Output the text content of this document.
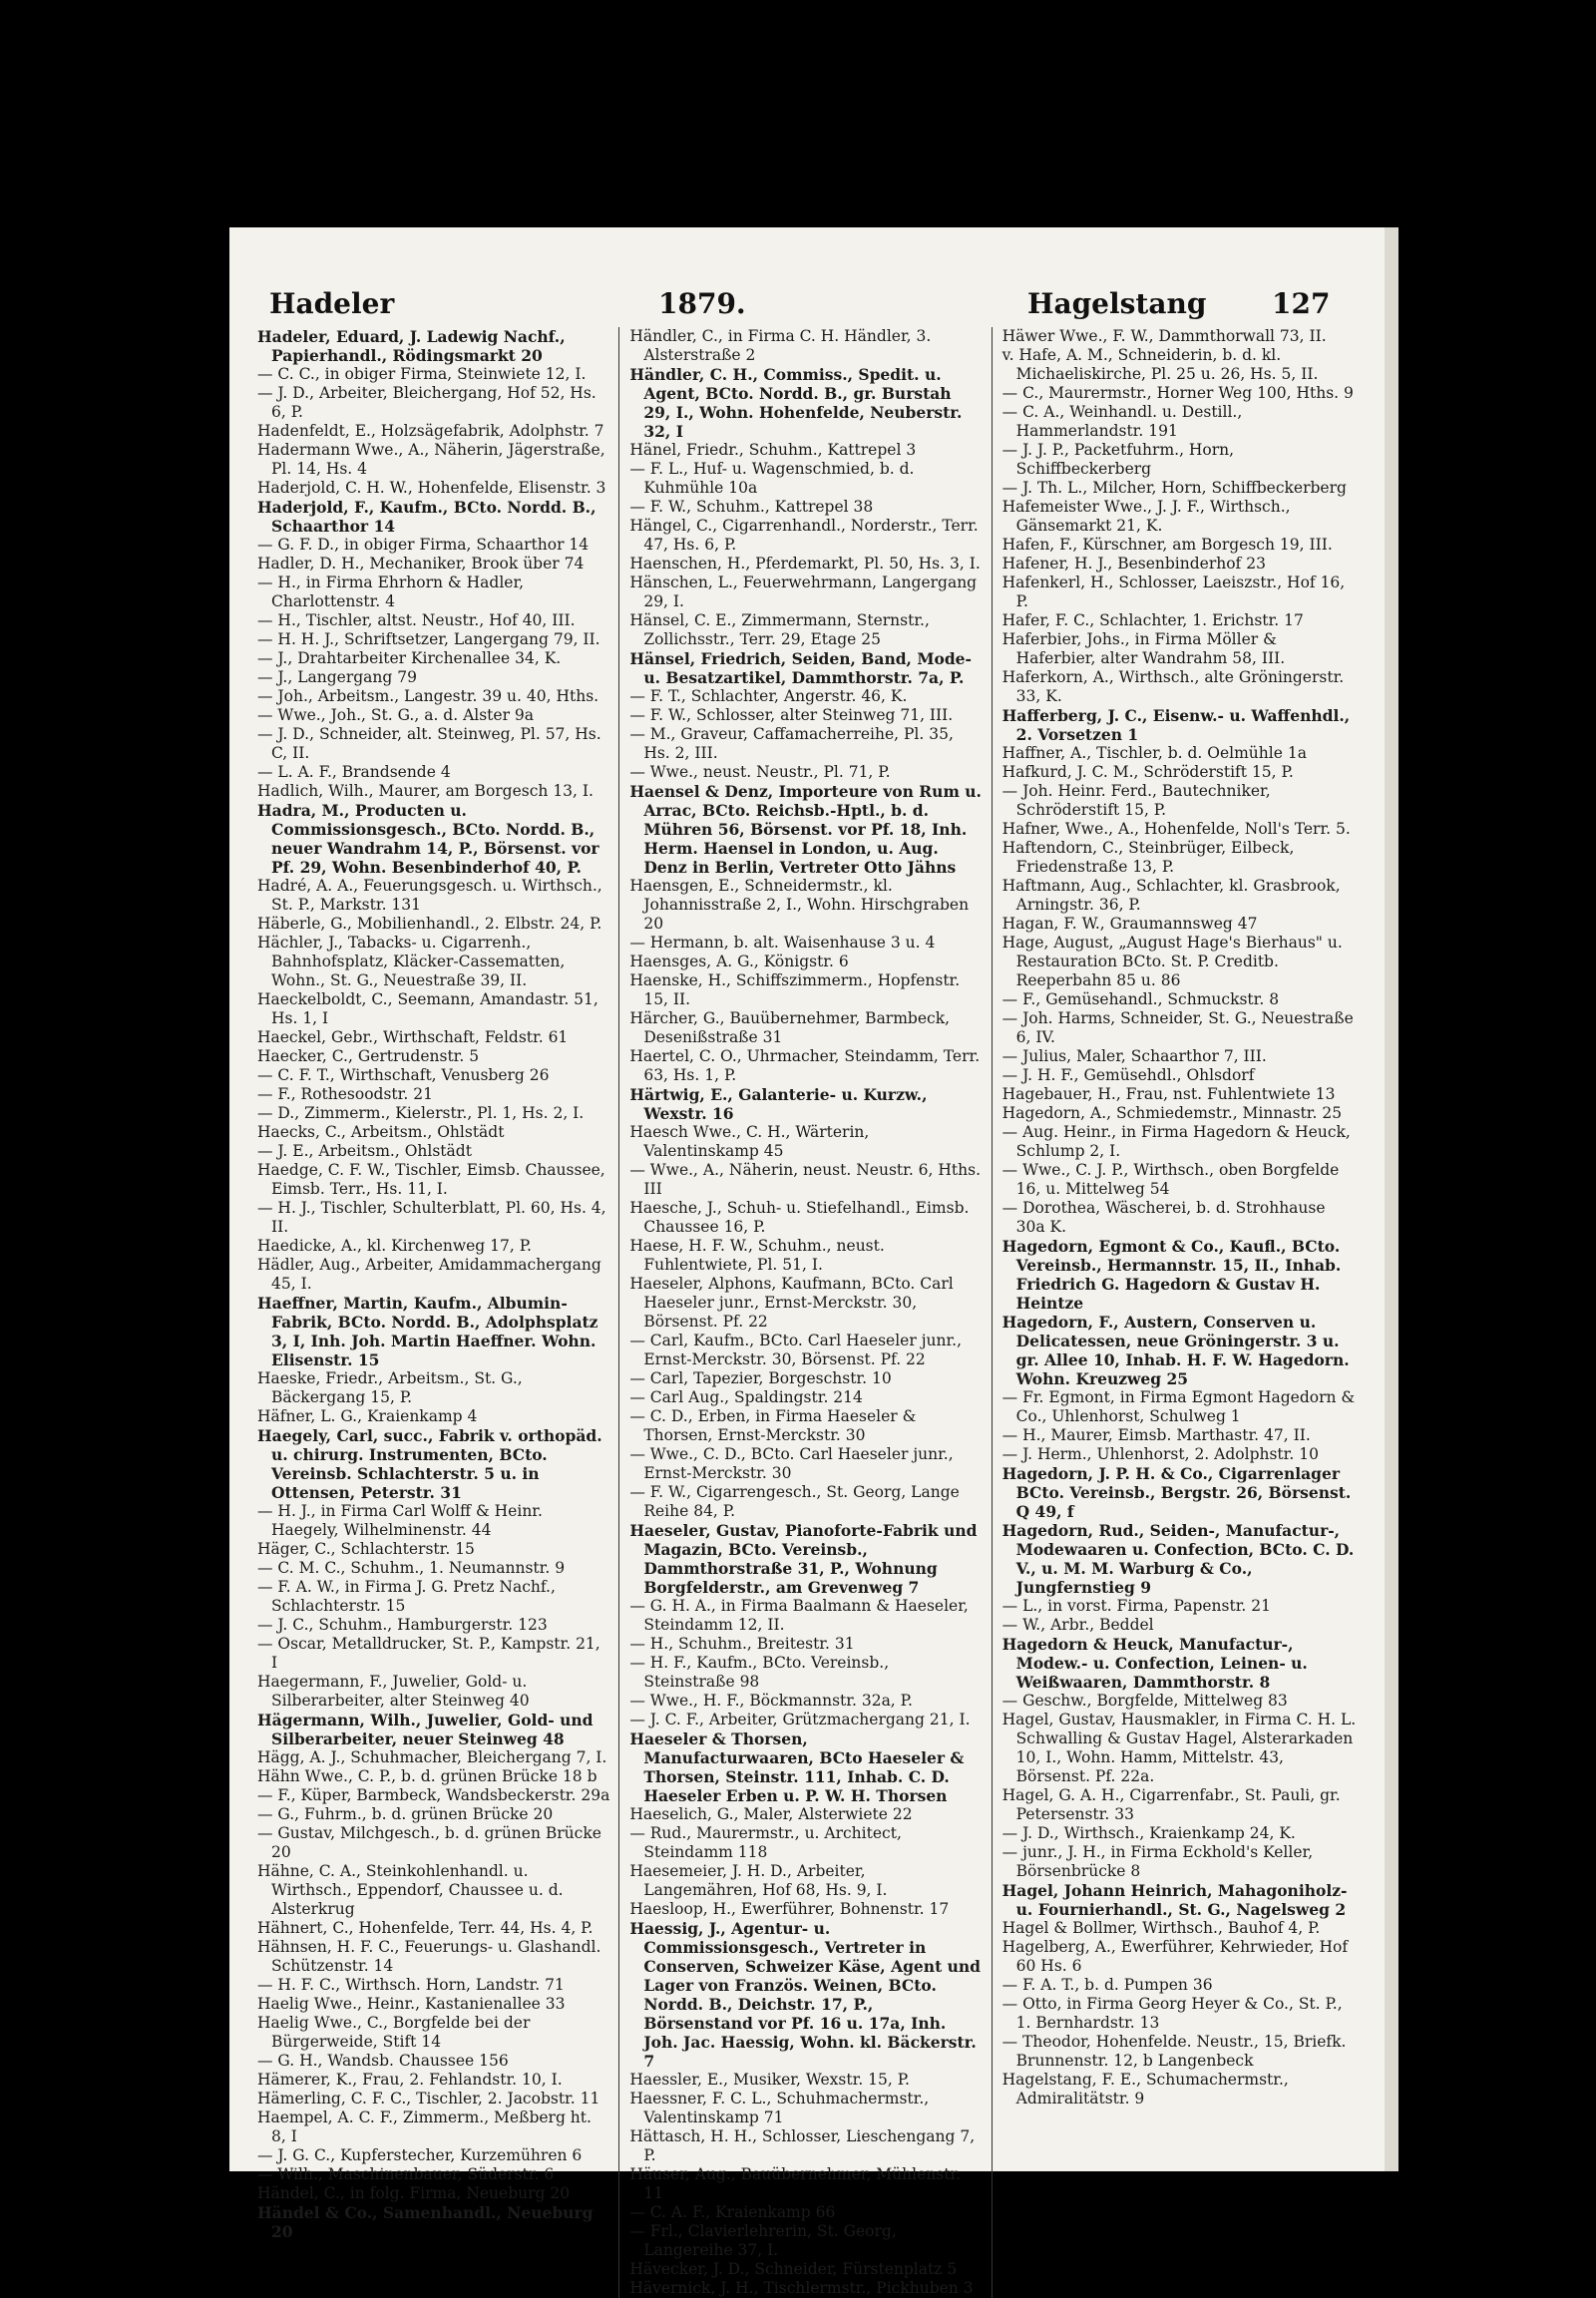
Hadeler	1879.	Hagelstang 127

Hadeler, Eduard, J. Ladewig Nachf., Papierhandl., Rödingsmarkt 20

— C. C., in obiger Firma, Steinwiete 12, I.

— J. D., Arbeiter, Bleichergang, Hof 52, Hs. 6, P.

Hadenfeldt, E., Holzsägefabrik, Adolphstr. 7

Hadermann Wwe., A., Näherin, Jägerstraße, Pl. 14, Hs. 4

Haderjold, C. H. W., Hohenfelde, Elisenstr. 3

Haderjold, F., Kaufm., BCto. Nordd. B., Schaarthor 14

— G. F. D., in obiger Firma, Schaarthor 14

Hadler, D. H., Mechaniker, Brook über 74

— H., in Firma Ehrhorn & Hadler, Charlottenstr. 4

— H., Tischler, altst. Neustr., Hof 40, III.

— H. H. J., Schriftsetzer, Langergang 79, II.

— J., Drahtarbeiter Kirchenallee 34, K.

— J., Langergang 79

— Joh., Arbeitsm., Langestr. 39 u. 40, Hths.

— Wwe., Joh., St. G., a. d. Alster 9a

— J. D., Schneider, alt. Steinweg, Pl. 57, Hs. C, II.

— L. A. F., Brandsende 4

Hadlich, Wilh., Maurer, am Borgesch 13, I.

Hadra, M., Producten u. Commissionsgesch., BCto. Nordd. B., neuer Wandrahm 14, P., Börsenst. vor Pf. 29, Wohn. Besenbinderhof 40, P.

Hadré, A. A., Feuerungsgesch. u. Wirthsch., St. P., Markstr. 131

Häberle, G., Mobilienhandl., 2. Elbstr. 24, P.

Hächler, J., Tabacks- u. Cigarrenh., Bahnhofsplatz, Kläcker-Cassematten, Wohn., St. G., Neuestraße 39, II.

Haeckelboldt, C., Seemann, Amandastr. 51, Hs. 1, I

Haeckel, Gebr., Wirthschaft, Feldstr. 61

Haecker, C., Gertrudenstr. 5

— C. F. T., Wirthschaft, Venusberg 26

— F., Rothesoodstr. 21

— D., Zimmerm., Kielerstr., Pl. 1, Hs. 2, I.

Haecks, C., Arbeitsm., Ohlstädt

— J. E., Arbeitsm., Ohlstädt

Haedge, C. F. W., Tischler, Eimsb. Chaussee, Eimsb. Terr., Hs. 11, I.

— H. J., Tischler, Schulterblatt, Pl. 60, Hs. 4, II.

Haedicke, A., kl. Kirchenweg 17, P.

Hädler, Aug., Arbeiter, Amidammachergang 45, I.

Haeffner, Martin, Kaufm., Albumin-Fabrik, BCto. Nordd. B., Adolphsplatz 3, I, Inh. Joh. Martin Haeffner. Wohn. Elisenstr. 15

Haeske, Friedr., Arbeitsm., St. G., Bäckergang 15, P.

Häfner, L. G., Kraienkamp 4

Haegely, Carl, succ., Fabrik v. orthopäd. u. chirurg. Instrumenten, BCto. Vereinsb. Schlachterstr. 5 u. in Ottensen, Peterstr. 31

— H. J., in Firma Carl Wolff & Heinr. Haegely, Wilhelminenstr. 44

Häger, C., Schlachterstr. 15

— C. M. C., Schuhm., 1. Neumannstr. 9

— F. A. W., in Firma J. G. Pretz Nachf., Schlachterstr. 15

— J. C., Schuhm., Hamburgerstr. 123

— Oscar, Metalldrucker, St. P., Kampstr. 21, I

Haegermann, F., Juwelier, Gold- u. Silberarbeiter, alter Steinweg 40

Hägermann, Wilh., Juwelier, Gold- und Silberarbeiter, neuer Steinweg 48

Hägg, A. J., Schuhmacher, Bleichergang 7, I.

Hähn Wwe., C. P., b. d. grünen Brücke 18 b

— F., Küper, Barmbeck, Wandsbeckerstr. 29a

— G., Fuhrm., b. d. grünen Brücke 20

— Gustav, Milchgesch., b. d. grünen Brücke 20

Hähne, C. A., Steinkohlenhandl. u. Wirthsch., Eppendorf, Chaussee u. d. Alsterkrug

Hähnert, C., Hohenfelde, Terr. 44, Hs. 4, P.

Hähnsen, H. F. C., Feuerungs- u. Glashandl. Schützenstr. 14

— H. F. C., Wirthsch. Horn, Landstr. 71

Haelig Wwe., Heinr., Kastanienallee 33

Haelig Wwe., C., Borgfelde bei der Bürgerweide, Stift 14

— G. H., Wandsb. Chaussee 156

Hämerer, K., Frau, 2. Fehlandstr. 10, I.

Hämerling, C. F. C., Tischler, 2. Jacobstr. 11

Haempel, A. C. F., Zimmerm., Meßberg ht. 8, I

— J. G. C., Kupferstecher, Kurzemühren 6

— Wilh., Maschinenbauer, Süderstr. 6

Händel, C., in folg. Firma, Neueburg 20

Händel & Co., Samenhandl., Neueburg 20

Händler, C., in Firma C. H. Händler, 3. Alsterstraße 2

Händler, C. H., Commiss., Spedit. u. Agent, BCto. Nordd. B., gr. Burstah 29, I., Wohn. Hohenfelde, Neuberstr. 32, I

Hänel, Friedr., Schuhm., Kattrepel 3

— F. L., Huf- u. Wagenschmied, b. d. Kuhmühle 10a

— F. W., Schuhm., Kattrepel 38

Hängel, C., Cigarrenhandl., Norderstr., Terr. 47, Hs. 6, P.

Haenschen, H., Pferdemarkt, Pl. 50, Hs. 3, I.

Hänschen, L., Feuerwehrmann, Langergang 29, I.

Hänsel, C. E., Zimmermann, Sternstr., Zollichsstr., Terr. 29, Etage 25

Hänsel, Friedrich, Seiden, Band, Mode- u. Besatzartikel, Dammthorstr. 7a, P.

— F. T., Schlachter, Angerstr. 46, K.

— F. W., Schlosser, alter Steinweg 71, III.

— M., Graveur, Caffamacherreihe, Pl. 35, Hs. 2, III.

— Wwe., neust. Neustr., Pl. 71, P.

Haensel & Denz, Importeure von Rum u. Arrac, BCto. Reichsb.-Hptl., b. d. Mühren 56, Börsenst. vor Pf. 18, Inh. Herm. Haensel in London, u. Aug. Denz in Berlin, Vertreter Otto Jähns

Haensgen, E., Schneidermstr., kl. Johannisstraße 2, I., Wohn. Hirschgraben 20

— Hermann, b. alt. Waisenhause 3 u. 4

Haensges, A. G., Königstr. 6

Haenske, H., Schiffszimmerm., Hopfenstr. 15, II.

Härcher, G., Bauübernehmer, Barmbeck, Desenißstraße 31

Haertel, C. O., Uhrmacher, Steindamm, Terr. 63, Hs. 1, P.

Härtwig, E., Galanterie- u. Kurzw., Wexstr. 16

Haesch Wwe., C. H., Wärterin, Valentinskamp 45

— Wwe., A., Näherin, neust. Neustr. 6, Hths. III

Haesche, J., Schuh- u. Stiefelhandl., Eimsb. Chaussee 16, P.

Haese, H. F. W., Schuhm., neust. Fuhlentwiete, Pl. 51, I.

Haeseler, Alphons, Kaufmann, BCto. Carl Haeseler junr., Ernst-Merckstr. 30, Börsenst. Pf. 22

— Carl, Kaufm., BCto. Carl Haeseler junr., Ernst-Merckstr. 30, Börsenst. Pf. 22

— Carl, Tapezier, Borgeschstr. 10

— Carl Aug., Spaldingstr. 214

— C. D., Erben, in Firma Haeseler & Thorsen, Ernst-Merckstr. 30

— Wwe., C. D., BCto. Carl Haeseler junr., Ernst-Merckstr. 30

— F. W., Cigarrengesch., St. Georg, Lange Reihe 84, P.

Haeseler, Gustav, Pianoforte-Fabrik und Magazin, BCto. Vereinsb., Dammthorstraße 31, P., Wohnung Borgfelderstr., am Grevenweg 7

— G. H. A., in Firma Baalmann & Haeseler, Steindamm 12, II.

— H., Schuhm., Breitestr. 31

— H. F., Kaufm., BCto. Vereinsb., Steinstraße 98

— Wwe., H. F., Böckmannstr. 32a, P.

— J. C. F., Arbeiter, Grützmachergang 21, I.

Haeseler & Thorsen, Manufacturwaaren, BCto Haeseler & Thorsen, Steinstr. 111, Inhab. C. D. Haeseler Erben u. P. W. H. Thorsen

Haeselich, G., Maler, Alsterwiete 22

— Rud., Maurermstr., u. Architect, Steindamm 118

Haesemeier, J. H. D., Arbeiter, Langemähren, Hof 68, Hs. 9, I.

Haesloop, H., Ewerführer, Bohnenstr. 17

Haessig, J., Agentur- u. Commissionsgesch., Vertreter in Conserven, Schweizer Käse, Agent und Lager von Französ. Weinen, BCto. Nordd. B., Deichstr. 17, P., Börsenstand vor Pf. 16 u. 17a, Inh. Joh. Jac. Haessig, Wohn. kl. Bäckerstr. 7

Haessler, E., Musiker, Wexstr. 15, P.

Haessner, F. C. L., Schuhmachermstr., Valentinskamp 71

Hättasch, H. H., Schlosser, Lieschengang 7, P.

Häuser, Aug., Bauübernehmer, Mühlenstr. 11

— C. A. F., Kraienkamp 66

— Frl., Clavierlehrerin, St. Georg, Langereihe 37, I.

Hävecker, J. D., Schneider, Fürstenplatz 5

Hävernick, J. H., Tischlermstr., Pickhuben 3

Häwer Wwe., F. W., Dammthorwall 73, II.

v. Hafe, A. M., Schneiderin, b. d. kl. Michaeliskirche, Pl. 25 u. 26, Hs. 5, II.

— C., Maurermstr., Horner Weg 100, Hths. 9

— C. A., Weinhandl. u. Destill., Hammerlandstr. 191

— J. J. P., Packetfuhrm., Horn, Schiffbeckerberg

— J. Th. L., Milcher, Horn, Schiffbeckerberg

Hafemeister Wwe., J. J. F., Wirthsch., Gänsemarkt 21, K.

Hafen, F., Kürschner, am Borgesch 19, III.

Hafener, H. J., Besenbinderhof 23

Hafenkerl, H., Schlosser, Laeiszstr., Hof 16, P.

Hafer, F. C., Schlachter, 1. Erichstr. 17

Haferbier, Johs., in Firma Möller & Haferbier, alter Wandrahm 58, III.

Haferkorn, A., Wirthsch., alte Gröningerstr. 33, K.

Hafferberg, J. C., Eisenw.- u. Waffenhdl., 2. Vorsetzen 1

Haffner, A., Tischler, b. d. Oelmühle 1a

Hafkurd, J. C. M., Schröderstift 15, P.

— Joh. Heinr. Ferd., Bautechniker, Schröderstift 15, P.

Hafner, Wwe., A., Hohenfelde, Noll's Terr. 5.

Haftendorn, C., Steinbrüger, Eilbeck, Friedenstraße 13, P.

Haftmann, Aug., Schlachter, kl. Grasbrook, Arningstr. 36, P.

Hagan, F. W., Graumannsweg 47

Hage, August, „August Hage's Bierhaus" u. Restauration BCto. St. P. Creditb. Reeperbahn 85 u. 86

— F., Gemüsehandl., Schmuckstr. 8

— Joh. Harms, Schneider, St. G., Neuestraße 6, IV.

— Julius, Maler, Schaarthor 7, III.

— J. H. F., Gemüsehdl., Ohlsdorf

Hagebauer, H., Frau, nst. Fuhlentwiete 13

Hagedorn, A., Schmiedemstr., Minnastr. 25

— Aug. Heinr., in Firma Hagedorn & Heuck, Schlump 2, I.

— Wwe., C. J. P., Wirthsch., oben Borgfelde 16, u. Mittelweg 54

— Dorothea, Wäscherei, b. d. Strohhause 30a K.

Hagedorn, Egmont & Co., Kaufl., BCto. Vereinsb., Hermannstr. 15, II., Inhab. Friedrich G. Hagedorn & Gustav H. Heintze

Hagedorn, F., Austern, Conserven u. Delicatessen, neue Gröningerstr. 3 u. gr. Allee 10, Inhab. H. F. W. Hagedorn. Wohn. Kreuzweg 25

— Fr. Egmont, in Firma Egmont Hagedorn & Co., Uhlenhorst, Schulweg 1

— H., Maurer, Eimsb. Marthastr. 47, II.

— J. Herm., Uhlenhorst, 2. Adolphstr. 10

Hagedorn, J. P. H. & Co., Cigarrenlager BCto. Vereinsb., Bergstr. 26, Börsenst. Q 49, f

Hagedorn, Rud., Seiden-, Manufactur-, Modewaaren u. Confection, BCto. C. D. V., u. M. M. Warburg & Co., Jungfernstieg 9

— L., in vorst. Firma, Papenstr. 21

— W., Arbr., Beddel

Hagedorn & Heuck, Manufactur-, Modew.- u. Confection, Leinen- u. Weißwaaren, Dammthorstr. 8

— Geschw., Borgfelde, Mittelweg 83

Hagel, Gustav, Hausmakler, in Firma C. H. L. Schwalling & Gustav Hagel, Alsterarkaden 10, I., Wohn. Hamm, Mittelstr. 43, Börsenst. Pf. 22a.

Hagel, G. A. H., Cigarrenfabr., St. Pauli, gr. Petersenstr. 33

— J. D., Wirthsch., Kraienkamp 24, K.

— junr., J. H., in Firma Eckhold's Keller, Börsenbrücke 8

Hagel, Johann Heinrich, Mahagoniholz- u. Fournierhandl., St. G., Nagelsweg 2

Hagel & Bollmer, Wirthsch., Bauhof 4, P.

Hagelberg, A., Ewerführer, Kehrwieder, Hof 60 Hs. 6

— F. A. T., b. d. Pumpen 36

— Otto, in Firma Georg Heyer & Co., St. P., 1. Bernhardstr. 13

— Theodor, Hohenfelde. Neustr., 15, Briefk. Brunnenstr. 12, b Langenbeck

Hagelstang, F. E., Schumachermstr., Admiralitätstr. 9
